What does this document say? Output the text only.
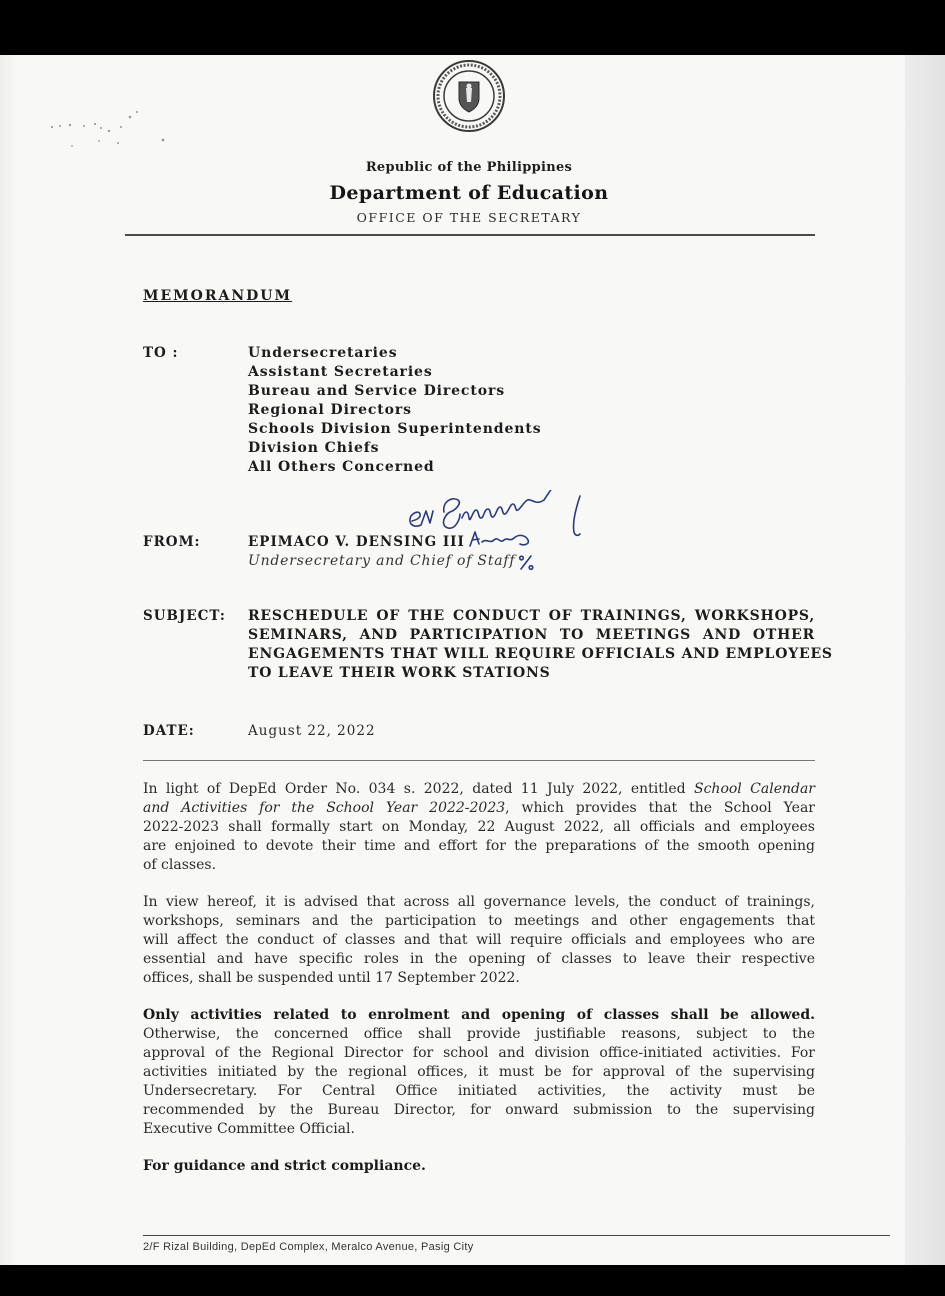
Republic of the Philippines
Department of Education
OFFICE OF THE SECRETARY
MEMORANDUM
TO :	Undersecretaries
Assistant Secretaries
Bureau and Service Directors
Regional Directors
Schools Division Superintendents
Division Chiefs
All Others Concerned
FROM:	EPIMACO V. DENSING III
Undersecretary and Chief of Staff
SUBJECT: RESCHEDULE OF THE CONDUCT OF TRAININGS, WORKSHOPS,
SEMINARS, AND PARTICIPATION TO MEETINGS AND OTHER
ENGAGEMENTS THAT WILL REQUIRE OFFICIALS AND EMPLOYEES
TO LEAVE THEIR WORK STATIONS
DATE:	August 22, 2022
In light of DepEd Order No. 034 s. 2022, dated 11 July 2022, entitled School Calendar
and Activities for the School Year 2022-2023, which provides that the School Year
2022-2023 shall formally start on Monday, 22 August 2022, all officials and employees
are enjoined to devote their time and effort for the preparations of the smooth opening
of classes.
In view hereof, it is advised that across all governance levels, the conduct of trainings,
workshops, seminars and the participation to meetings and other engagements that
will affect the conduct of classes and that will require officials and employees who are
essential and have specific roles in the opening of classes to leave their respective
offices, shall be suspended until 17 September 2022.
Only activities related to enrolment and opening of classes shall be allowed.
Otherwise, the concerned office shall provide justifiable reasons, subject to the
approval of the Regional Director for school and division office-initiated activities. For
activities initiated by the regional offices, it must be for approval of the supervising
Undersecretary. For Central Office initiated activities, the activity must be
recommended by the Bureau Director, for onward submission to the supervising
Executive Committee Official.
For guidance and strict compliance.
2/F Rizal Building, DepEd Complex, Meralco Avenue, Pasig City
